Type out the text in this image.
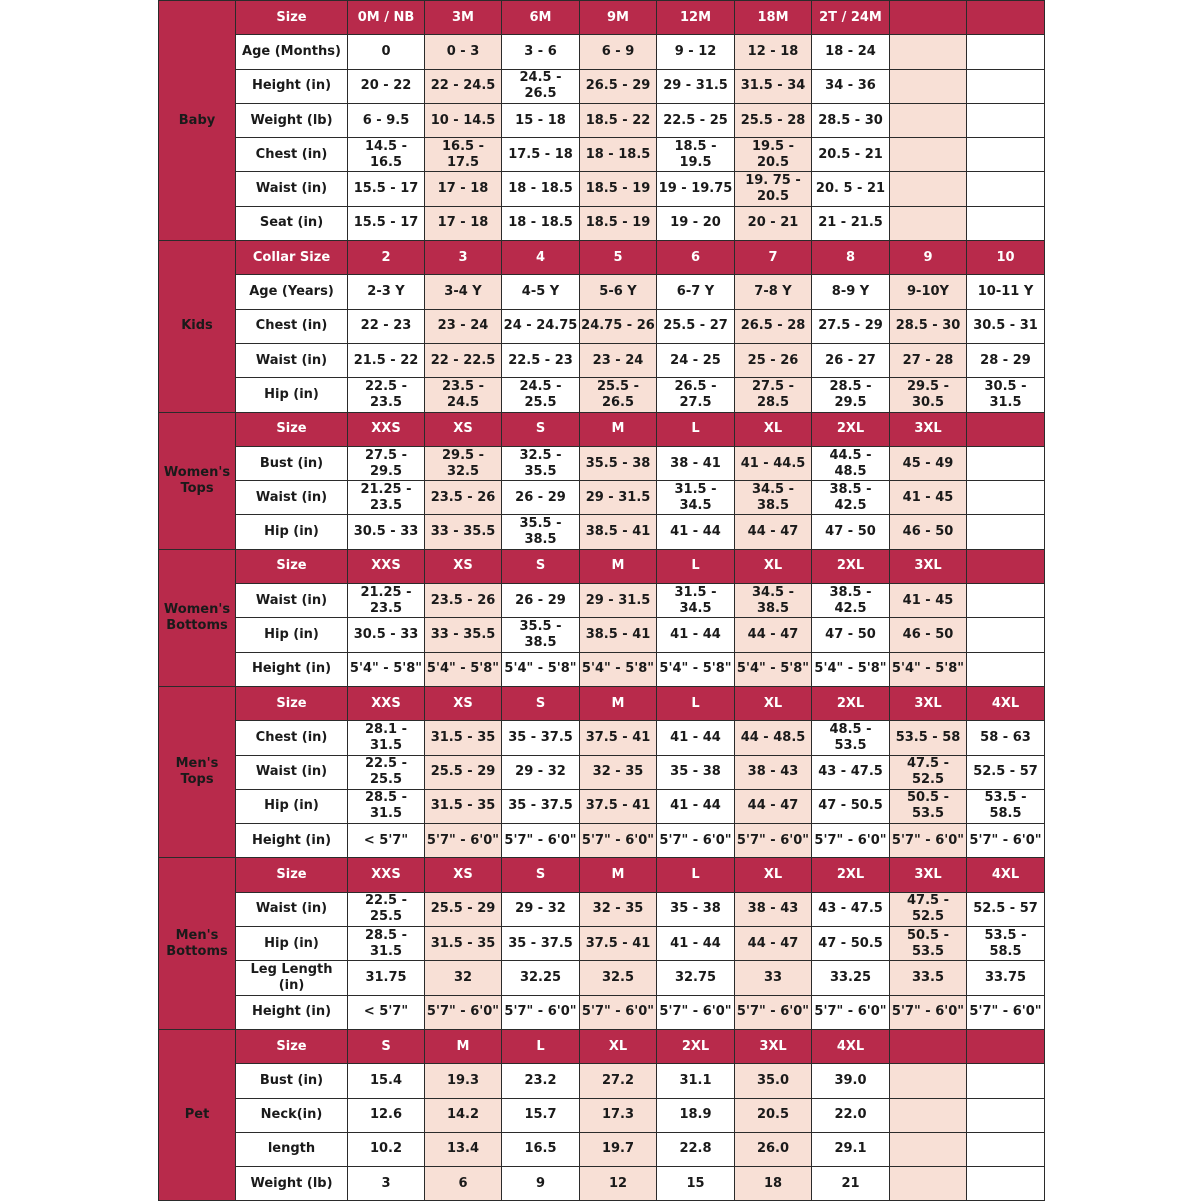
Baby	Size	0M / NB	3M	6M	9M	12M	18M	2T / 24M		
	Age (Months)	0	0 - 3	3 - 6	6 - 9	9 - 12	12 - 18	18 - 24		
	Height (in)	20 - 22	22 - 24.5	24.5 - 26.5	26.5 - 29	29 - 31.5	31.5 - 34	34 - 36		
	Weight (lb)	6 - 9.5	10 - 14.5	15 - 18	18.5 - 22	22.5 - 25	25.5 - 28	28.5 - 30		
	Chest (in)	14.5 - 16.5	16.5 - 17.5	17.5 - 18	18 - 18.5	18.5 - 19.5	19.5 - 20.5	20.5 - 21		
	Waist (in)	15.5 - 17	17 - 18	18 - 18.5	18.5 - 19	19 - 19.75	19. 75 - 20.5	20. 5 - 21		
	Seat (in)	15.5 - 17	17 - 18	18 - 18.5	18.5 - 19	19 - 20	20 - 21	21 - 21.5		
Kids	Collar Size	2	3	4	5	6	7	8	9	10
	Age (Years)	2-3 Y	3-4 Y	4-5 Y	5-6 Y	6-7 Y	7-8 Y	8-9 Y	9-10Y	10-11 Y
	Chest (in)	22 - 23	23 - 24	24 - 24.75	24.75 - 26	25.5 - 27	26.5 - 28	27.5 - 29	28.5 - 30	30.5 - 31
	Waist (in)	21.5 - 22	22 - 22.5	22.5 - 23	23 - 24	24 - 25	25 - 26	26 - 27	27 - 28	28 - 29
	Hip (in)	22.5 - 23.5	23.5 - 24.5	24.5 - 25.5	25.5 - 26.5	26.5 - 27.5	27.5 - 28.5	28.5 - 29.5	29.5 - 30.5	30.5 - 31.5
Women's Tops	Size	XXS	XS	S	M	L	XL	2XL	3XL	
	Bust (in)	27.5 - 29.5	29.5 - 32.5	32.5 - 35.5	35.5 - 38	38 - 41	41 - 44.5	44.5 - 48.5	45 - 49	
	Waist (in)	21.25 - 23.5	23.5 - 26	26 - 29	29 - 31.5	31.5 - 34.5	34.5 - 38.5	38.5 - 42.5	41 - 45	
	Hip (in)	30.5 - 33	33 - 35.5	35.5 - 38.5	38.5 - 41	41 - 44	44 - 47	47 - 50	46 - 50	
Women's Bottoms	Size	XXS	XS	S	M	L	XL	2XL	3XL	
	Waist (in)	21.25 - 23.5	23.5 - 26	26 - 29	29 - 31.5	31.5 - 34.5	34.5 - 38.5	38.5 - 42.5	41 - 45	
	Hip (in)	30.5 - 33	33 - 35.5	35.5 - 38.5	38.5 - 41	41 - 44	44 - 47	47 - 50	46 - 50	
	Height (in)	5'4" - 5'8"	5'4" - 5'8"	5'4" - 5'8"	5'4" - 5'8"	5'4" - 5'8"	5'4" - 5'8"	5'4" - 5'8"	5'4" - 5'8"	
Men's Tops	Size	XXS	XS	S	M	L	XL	2XL	3XL	4XL
	Chest (in)	28.1 - 31.5	31.5 - 35	35 - 37.5	37.5 - 41	41 - 44	44 - 48.5	48.5 - 53.5	53.5 - 58	58 - 63
	Waist (in)	22.5 - 25.5	25.5 - 29	29 - 32	32 - 35	35 - 38	38 - 43	43 - 47.5	47.5 - 52.5	52.5 - 57
	Hip (in)	28.5 - 31.5	31.5 - 35	35 - 37.5	37.5 - 41	41 - 44	44 - 47	47 - 50.5	50.5 - 53.5	53.5 - 58.5
	Height (in)	< 5'7"	5'7" - 6'0"	5'7" - 6'0"	5'7" - 6'0"	5'7" - 6'0"	5'7" - 6'0"	5'7" - 6'0"	5'7" - 6'0"	5'7" - 6'0"
Men's Bottoms	Size	XXS	XS	S	M	L	XL	2XL	3XL	4XL
	Waist (in)	22.5 - 25.5	25.5 - 29	29 - 32	32 - 35	35 - 38	38 - 43	43 - 47.5	47.5 - 52.5	52.5 - 57
	Hip (in)	28.5 - 31.5	31.5 - 35	35 - 37.5	37.5 - 41	41 - 44	44 - 47	47 - 50.5	50.5 - 53.5	53.5 - 58.5
	Leg Length (in)	31.75	32	32.25	32.5	32.75	33	33.25	33.5	33.75
	Height (in)	< 5'7"	5'7" - 6'0"	5'7" - 6'0"	5'7" - 6'0"	5'7" - 6'0"	5'7" - 6'0"	5'7" - 6'0"	5'7" - 6'0"	5'7" - 6'0"
Pet	Size	S	M	L	XL	2XL	3XL	4XL		
	Bust (in)	15.4	19.3	23.2	27.2	31.1	35.0	39.0		
	Neck(in)	12.6	14.2	15.7	17.3	18.9	20.5	22.0		
	length	10.2	13.4	16.5	19.7	22.8	26.0	29.1		
	Weight (lb)	3	6	9	12	15	18	21		
